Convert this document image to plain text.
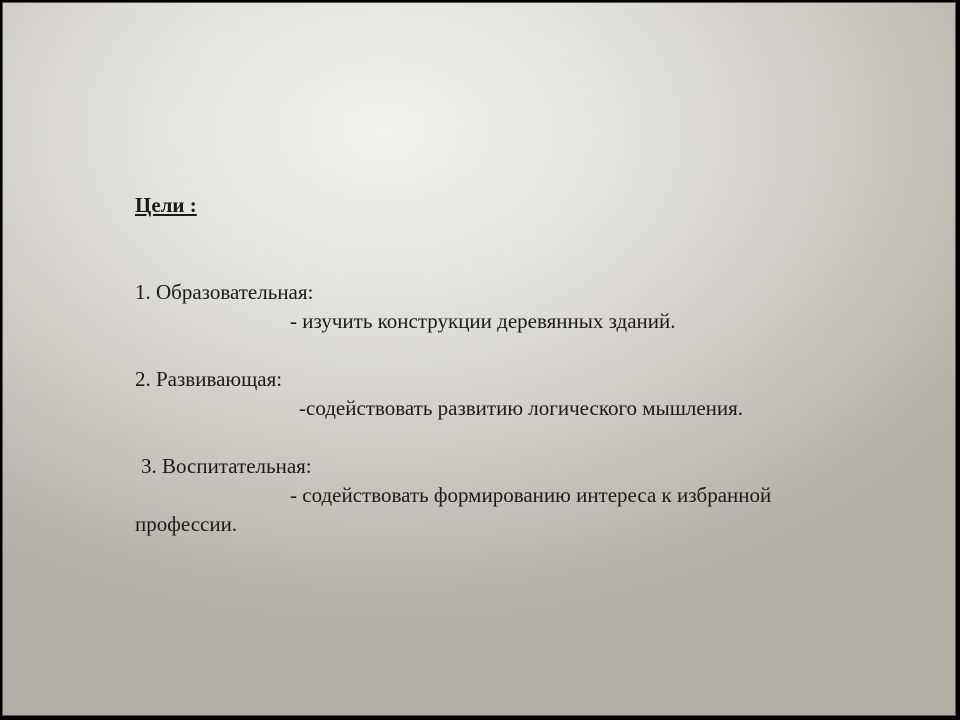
Цели :
1. Образовательная:
- изучить конструкции деревянных зданий.
2. Развивающая:
-содействовать развитию логического мышления.
3. Воспитательная:
- содействовать формированию интереса к избранной
профессии.
